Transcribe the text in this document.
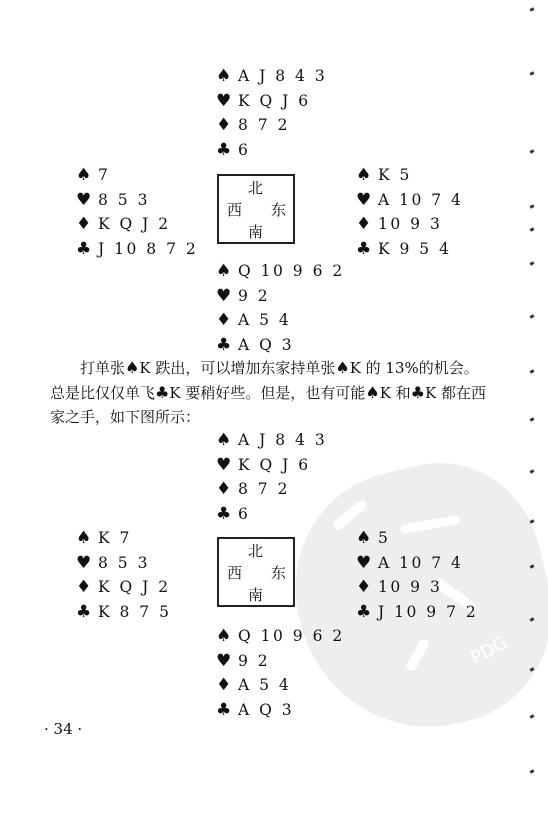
♠ A J 8 4 3
♥ K Q J 6
♦ 8 7 2
♣ 6
♠ 7
♥ 8 5 3
♦ K Q J 2
♣ J 10 8 7 2
北
西 东
南
♠ K 5
♥ A 10 7 4
♦ 10 9 3
♣ K 9 5 4
♠ Q 10 9 6 2
♥ 9 2
♦ A 5 4
♣ A Q 3
打单张♠K 跌出，可以增加东家持单张♠K 的 13%的机会。总是比仅仅单飞♣K 要稍好些。但是，也有可能♠K 和♣K 都在西家之手，如下图所示：
PDG
♠ A J 8 4 3
♥ K Q J 6
♦ 8 7 2
♣ 6
♠ K 7
♥ 8 5 3
♦ K Q J 2
♣ K 8 7 5
北
西 东
南
♠ 5
♥ A 10 7 4
♦ 10 9 3
♣ J 10 9 7 2
♠ Q 10 9 6 2
♥ 9 2
♦ A 5 4
♣ A Q 3
· 34 ·
